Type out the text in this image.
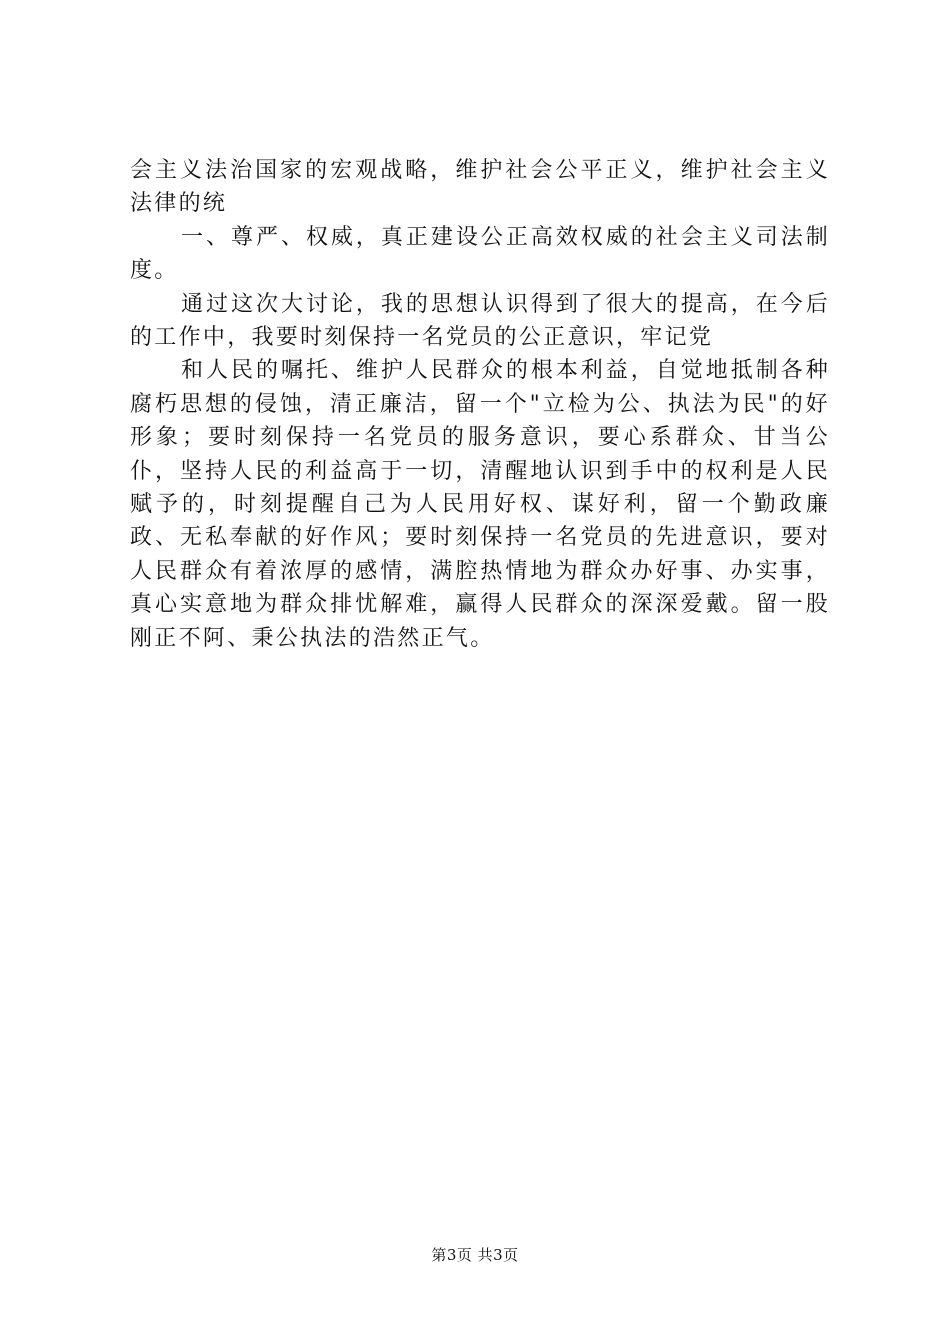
会主义法治国家的宏观战略，维护社会公平正义，维护社会主义法律的统

一、尊严、权威，真正建设公正高效权威的社会主义司法制度。

通过这次大讨论，我的思想认识得到了很大的提高，在今后的工作中，我要时刻保持一名党员的公正意识，牢记党

和人民的嘱托、维护人民群众的根本利益，自觉地抵制各种腐朽思想的侵蚀，清正廉洁，留一个"立检为公、执法为民"的好形象；要时刻保持一名党员的服务意识，要心系群众、甘当公仆，坚持人民的利益高于一切，清醒地认识到手中的权利是人民赋予的，时刻提醒自己为人民用好权、谋好利，留一个勤政廉政、无私奉献的好作风；要时刻保持一名党员的先进意识，要对人民群众有着浓厚的感情，满腔热情地为群众办好事、办实事，真心实意地为群众排忧解难，赢得人民群众的深深爱戴。留一股刚正不阿、秉公执法的浩然正气。

第3页 共3页
